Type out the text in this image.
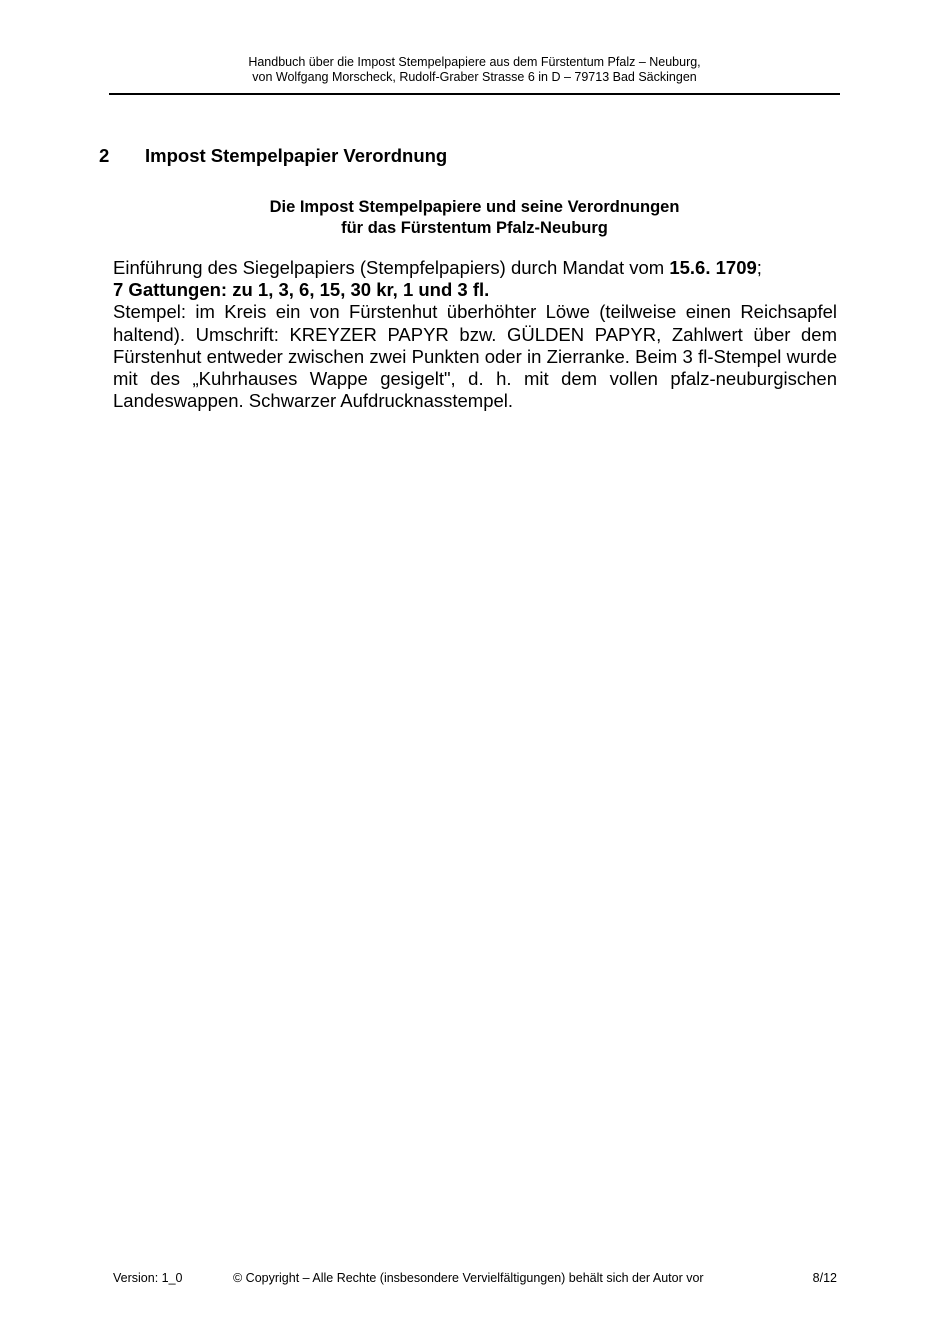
Handbuch über die Impost Stempelpapiere aus dem Fürstentum Pfalz – Neuburg,
von Wolfgang Morscheck, Rudolf-Graber Strasse 6 in D – 79713 Bad Säckingen
2 Impost Stempelpapier Verordnung
Die Impost Stempelpapiere und seine Verordnungen
für das Fürstentum Pfalz-Neuburg

Einführung des Siegelpapiers (Stempfelpapiers) durch Mandat vom 15.6. 1709;

7 Gattungen: zu 1, 3, 6, 15, 30 kr, 1 und 3 fl.

Stempel: im Kreis ein von Fürstenhut überhöhter Löwe (teilweise einen Reichsapfel haltend). Umschrift: KREYZER PAPYR bzw. GÜLDEN PAPYR, Zahlwert über dem Fürstenhut entweder zwischen zwei Punkten oder in Zierranke. Beim 3 fl-Stempel wurde mit des „Kuhrhauses Wappe gesigelt", d. h. mit dem vollen pfalz-neuburgischen Landeswappen. Schwarzer Aufdrucknasstempel.

Version: 1_0	© Copyright – Alle Rechte (insbesondere Vervielfältigungen) behält sich der Autor vor	8/12
